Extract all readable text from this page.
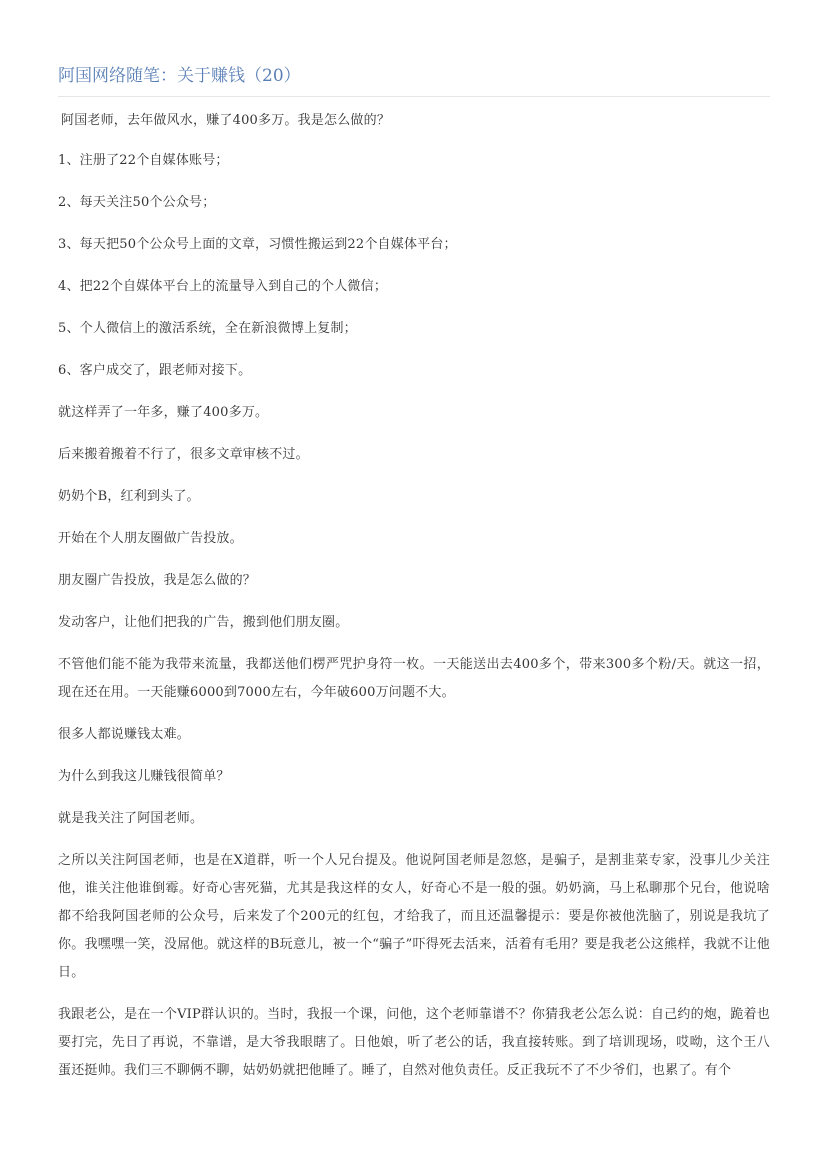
阿国网络随笔：关于赚钱（20）

阿国老师，去年做风水，赚了400多万。我是怎么做的？

1、注册了22个自媒体账号；

2、每天关注50个公众号；

3、每天把50个公众号上面的文章，习惯性搬运到22个自媒体平台；

4、把22个自媒体平台上的流量导入到自己的个人微信；

5、个人微信上的激活系统，全在新浪微博上复制；

6、客户成交了，跟老师对接下。

就这样弄了一年多，赚了400多万。

后来搬着搬着不行了，很多文章审核不过。

奶奶个B，红利到头了。

开始在个人朋友圈做广告投放。

朋友圈广告投放，我是怎么做的？

发动客户，让他们把我的广告，搬到他们朋友圈。

不管他们能不能为我带来流量，我都送他们楞严咒护身符一枚。一天能送出去400多个，带来300多个粉/天。就这一招，现在还在用。一天能赚6000到7000左右，今年破600万问题不大。

很多人都说赚钱太难。

为什么到我这儿赚钱很简单？

就是我关注了阿国老师。

之所以关注阿国老师，也是在X道群，听一个人兄台提及。他说阿国老师是忽悠，是骗子，是割韭菜专家，没事儿少关注他，谁关注他谁倒霉。好奇心害死猫，尤其是我这样的女人，好奇心不是一般的强。奶奶滴，马上私聊那个兄台，他说啥都不给我阿国老师的公众号，后来发了个200元的红包，才给我了，而且还温馨提示：要是你被他洗脑了，别说是我坑了你。我嘿嘿一笑，没屌他。就这样的B玩意儿，被一个“骗子”吓得死去活来，活着有毛用？要是我老公这熊样，我就不让他日。

我跟老公，是在一个VIP群认识的。当时，我报一个课，问他，这个老师靠谱不？你猜我老公怎么说：自己约的炮，跪着也要打完，先日了再说，不靠谱，是大爷我眼瞎了。日他娘，听了老公的话，我直接转账。到了培训现场，哎呦，这个王八蛋还挺帅。我们三不聊俩不聊，姑奶奶就把他睡了。睡了，自然对他负责任。反正我玩不了不少爷们，也累了。有个
